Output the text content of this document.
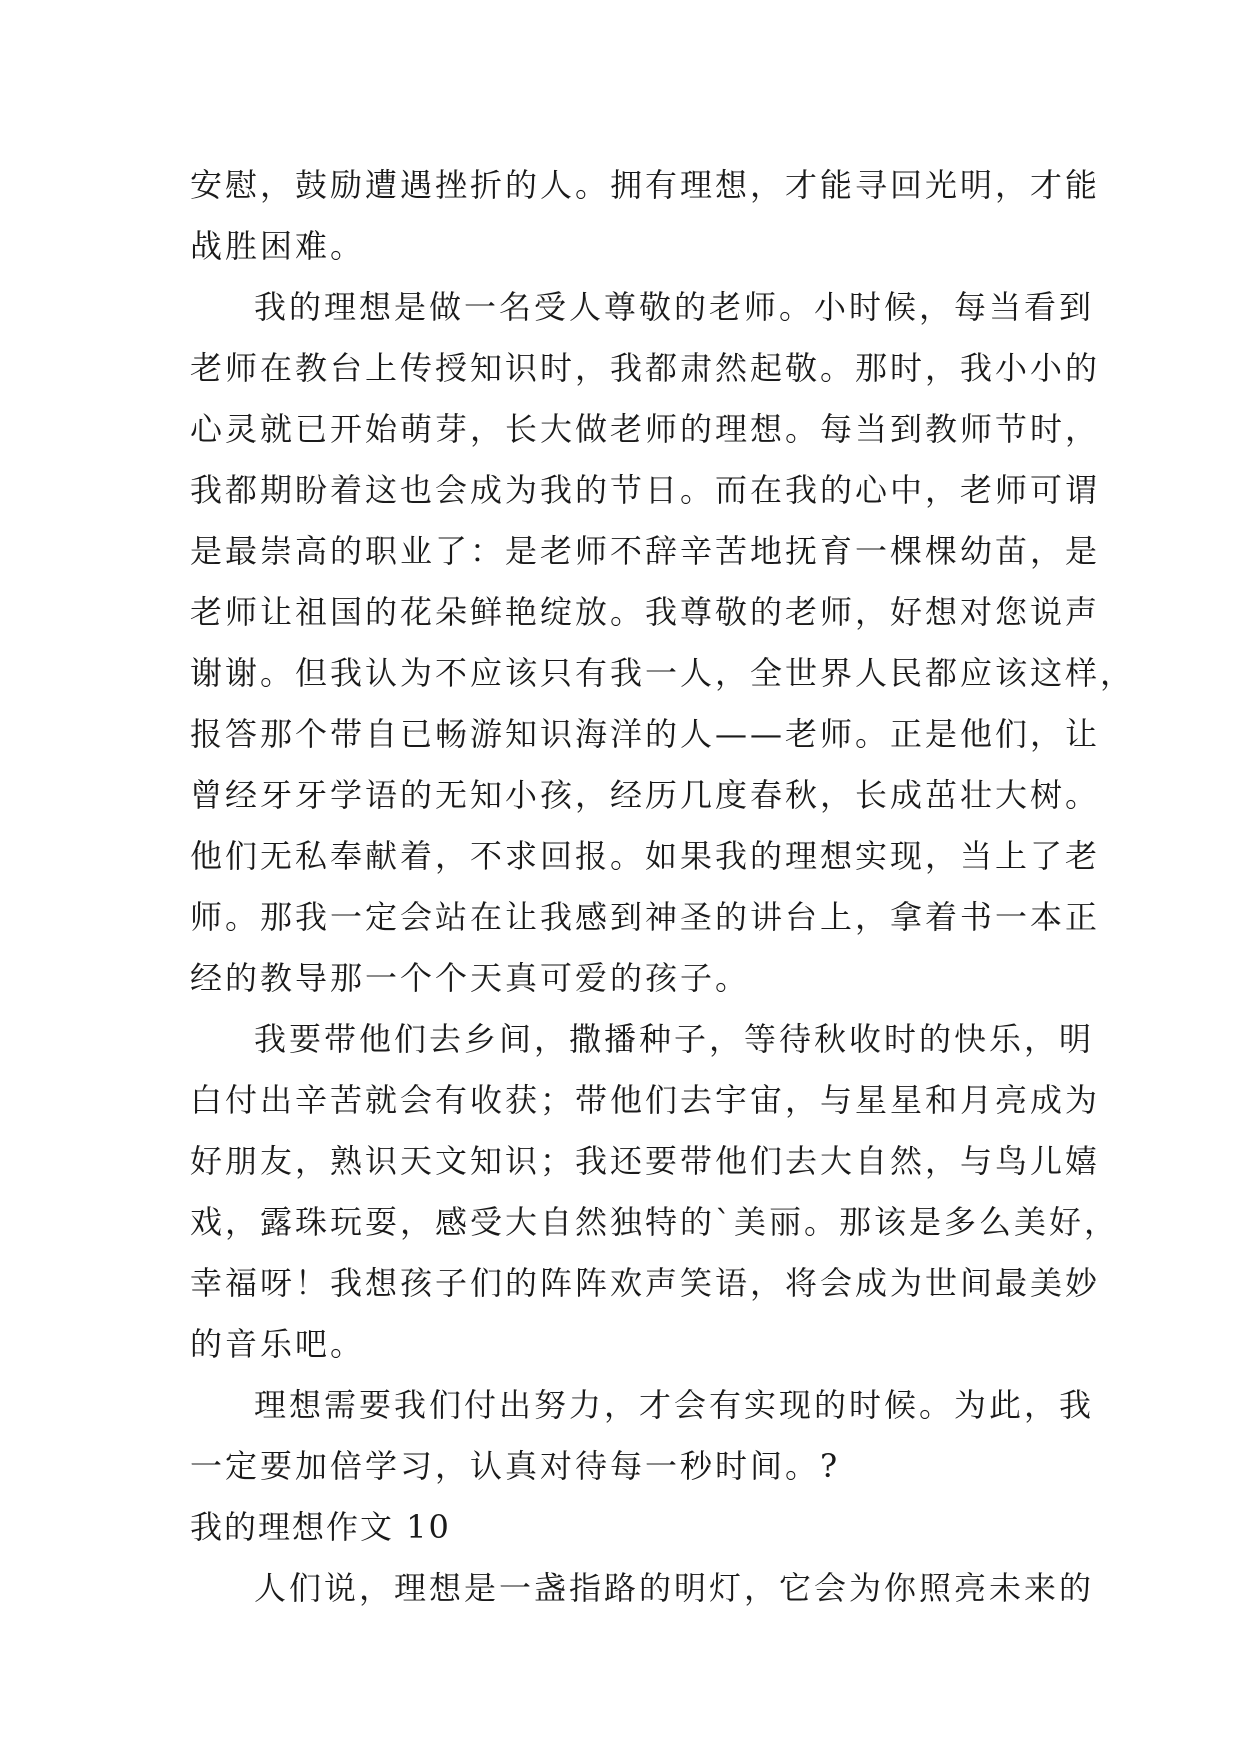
安慰，鼓励遭遇挫折的人。拥有理想，才能寻回光明，才能
战胜困难。
我的理想是做一名受人尊敬的老师。小时候，每当看到
老师在教台上传授知识时，我都肃然起敬。那时，我小小的
心灵就已开始萌芽，长大做老师的理想。每当到教师节时，
我都期盼着这也会成为我的节日。而在我的心中，老师可谓
是最崇高的职业了：是老师不辞辛苦地抚育一棵棵幼苗，是
老师让祖国的花朵鲜艳绽放。我尊敬的老师，好想对您说声
谢谢。但我认为不应该只有我一人，全世界人民都应该这样，
报答那个带自已畅游知识海洋的人——老师。正是他们，让
曾经牙牙学语的无知小孩，经历几度春秋，长成茁壮大树。
他们无私奉献着，不求回报。如果我的理想实现，当上了老
师。那我一定会站在让我感到神圣的讲台上，拿着书一本正
经的教导那一个个天真可爱的孩子。
我要带他们去乡间，撒播种子，等待秋收时的快乐，明
白付出辛苦就会有收获；带他们去宇宙，与星星和月亮成为
好朋友，熟识天文知识；我还要带他们去大自然，与鸟儿嬉
戏，露珠玩耍，感受大自然独特的`美丽。那该是多么美好，
幸福呀！我想孩子们的阵阵欢声笑语，将会成为世间最美妙
的音乐吧。
理想需要我们付出努力，才会有实现的时候。为此，我
一定要加倍学习，认真对待每一秒时间。?
我的理想作文 10
人们说，理想是一盏指路的明灯，它会为你照亮未来的
